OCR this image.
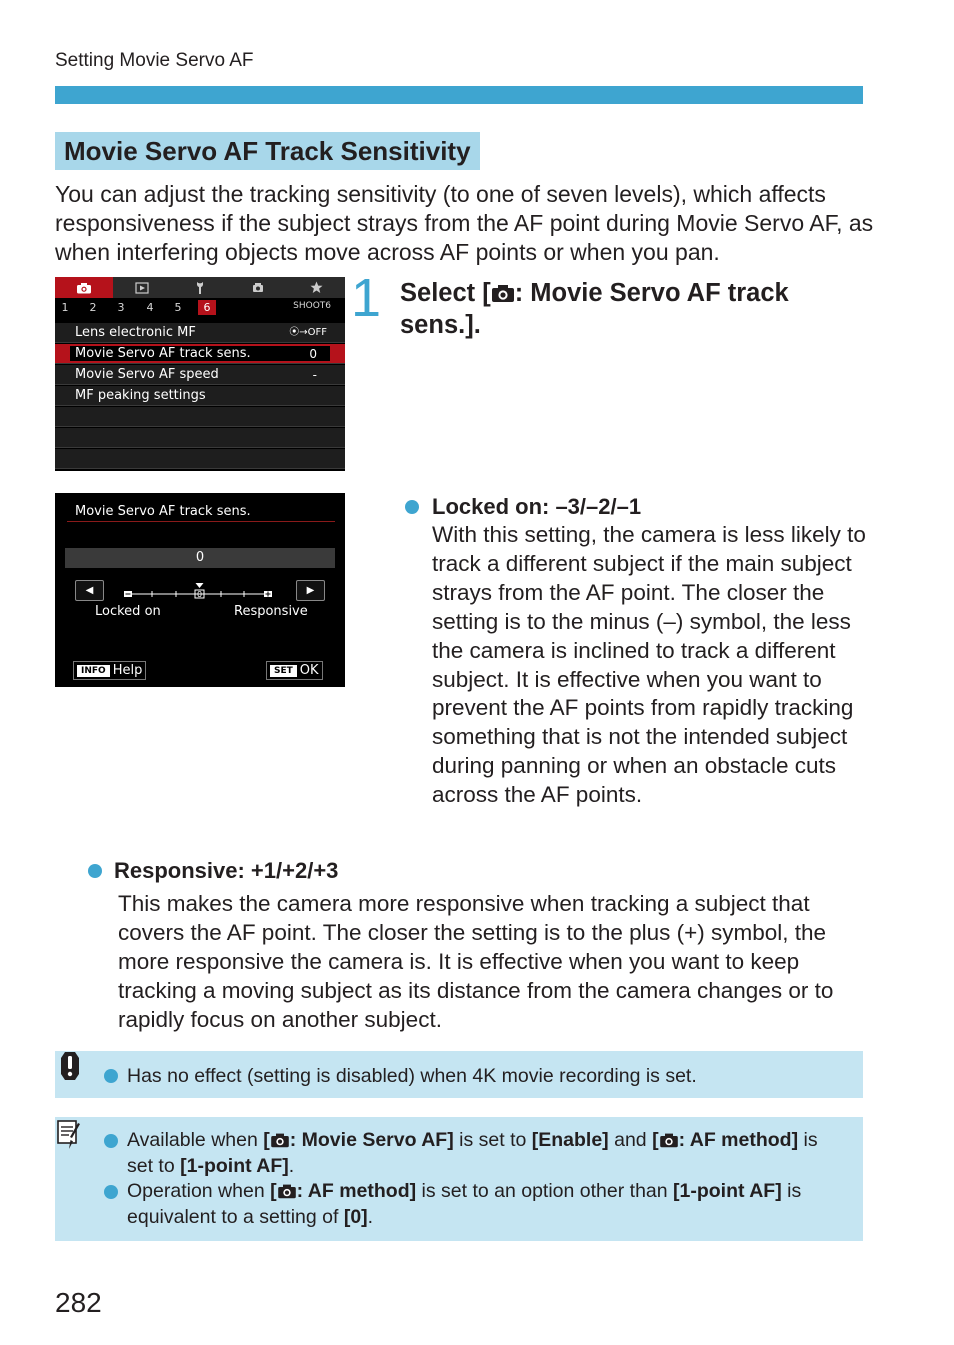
Setting Movie Servo AF
Movie Servo AF Track Sensitivity
You can adjust the tracking sensitivity (to one of seven levels), which affects responsiveness if the subject strays from the AF point during Movie Servo AF, as when interfering objects move across AF points or when you pan.
1	2	3	4	5	6	SHOOT6
Lens electronic MF	⦿→OFF
Movie Servo AF track sens.	0
Movie Servo AF speed	-
MF peaking settings
Movie Servo AF track sens.
0
◀	0	▶
Locked on	Responsive
INFO Help	SET OK
1 Select [ : Movie Servo AF track sens.].
Locked on: –3/–2/–1
With this setting, the camera is less likely to track a different subject if the main subject strays from the AF point. The closer the setting is to the minus (–) symbol, the less the camera is inclined to track a different subject. It is effective when you want to prevent the AF points from rapidly tracking something that is not the intended subject during panning or when an obstacle cuts across the AF points.
Responsive: +1/+2/+3
This makes the camera more responsive when tracking a subject that covers the AF point. The closer the setting is to the plus (+) symbol, the more responsive the camera is. It is effective when you want to keep tracking a moving subject as its distance from the camera changes or to rapidly focus on another subject.
Has no effect (setting is disabled) when 4K movie recording is set.
Available when [ : Movie Servo AF] is set to [Enable] and [ : AF method] is set to [1-point AF].
Operation when [ : AF method] is set to an option other than [1-point AF] is equivalent to a setting of [0].
282
